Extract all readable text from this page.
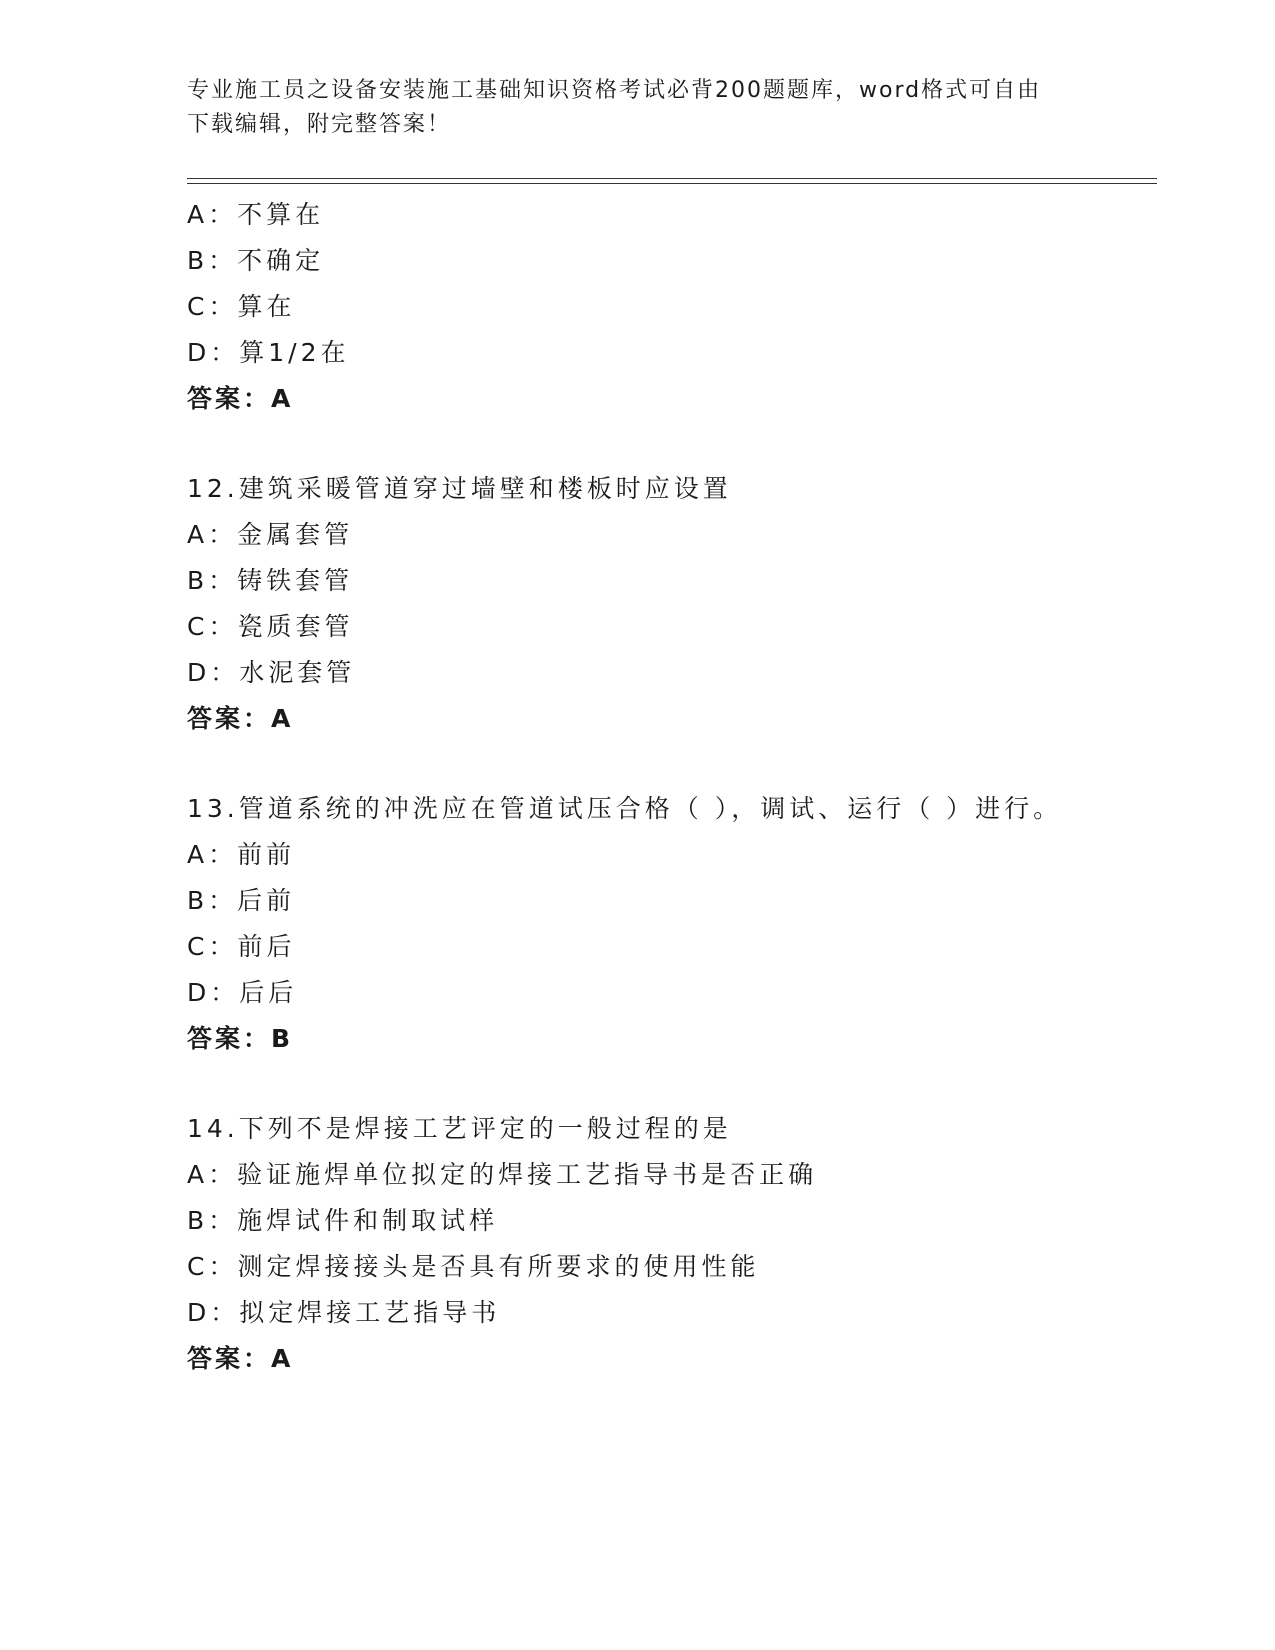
专业施工员之设备安装施工基础知识资格考试必背200题题库，word格式可自由
下载编辑，附完整答案！
A：不算在
B：不确定
C：算在
D：算1/2在
答案：A
12.建筑采暖管道穿过墙壁和楼板时应设置
A：金属套管
B：铸铁套管
C：瓷质套管
D：水泥套管
答案：A
13.管道系统的冲洗应在管道试压合格（ ），调试、运行（ ）进行。
A：前前
B：后前
C：前后
D：后后
答案：B
14.下列不是焊接工艺评定的一般过程的是
A：验证施焊单位拟定的焊接工艺指导书是否正确
B：施焊试件和制取试样
C：测定焊接接头是否具有所要求的使用性能
D：拟定焊接工艺指导书
答案：A
